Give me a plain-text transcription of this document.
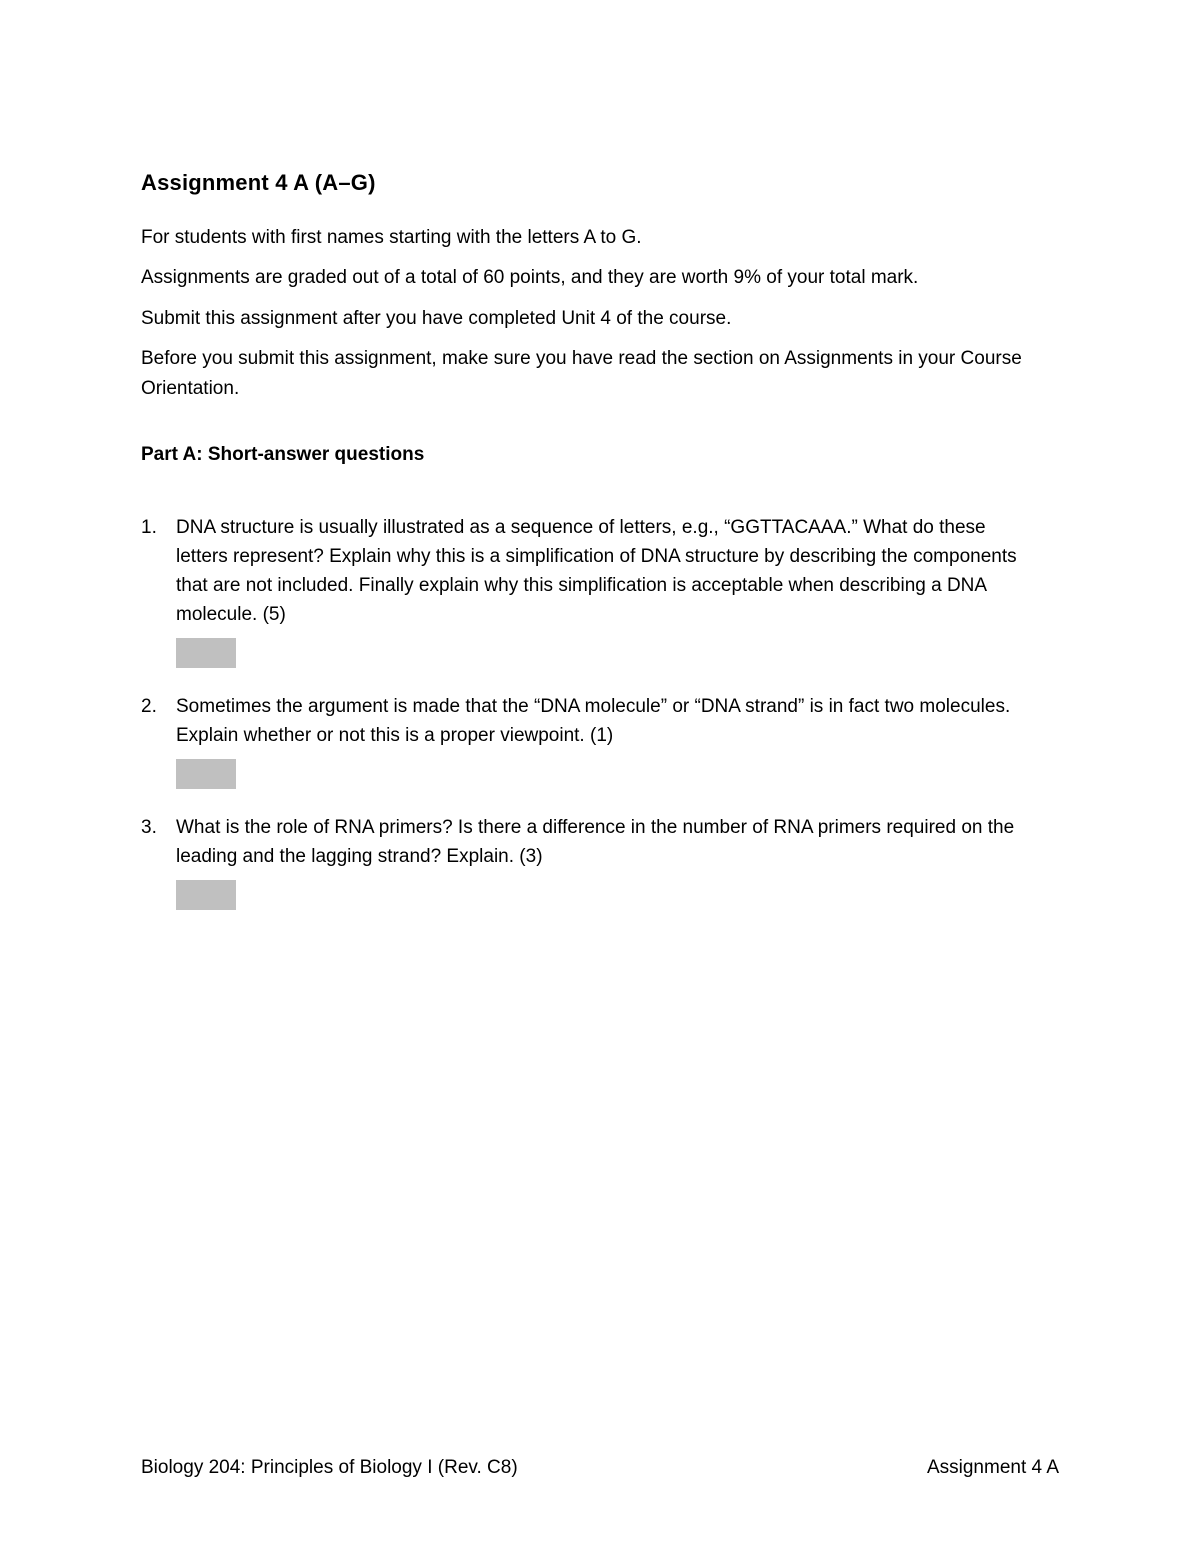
Assignment 4 A (A–G)
For students with first names starting with the letters A to G.
Assignments are graded out of a total of 60 points, and they are worth 9% of your total mark.
Submit this assignment after you have completed Unit 4 of the course.
Before you submit this assignment, make sure you have read the section on Assignments in your Course Orientation.
Part A: Short-answer questions
1.	DNA structure is usually illustrated as a sequence of letters, e.g., “GGTTACAAA.” What do these letters represent? Explain why this is a simplification of DNA structure by describing the components that are not included. Finally explain why this simplification is acceptable when describing a DNA molecule. (5)
2.	Sometimes the argument is made that the “DNA molecule” or “DNA strand” is in fact two molecules. Explain whether or not this is a proper viewpoint. (1)
3.	What is the role of RNA primers? Is there a difference in the number of RNA primers required on the leading and the lagging strand? Explain. (3)
Biology 204: Principles of Biology I (Rev. C8)	Assignment 4 A
